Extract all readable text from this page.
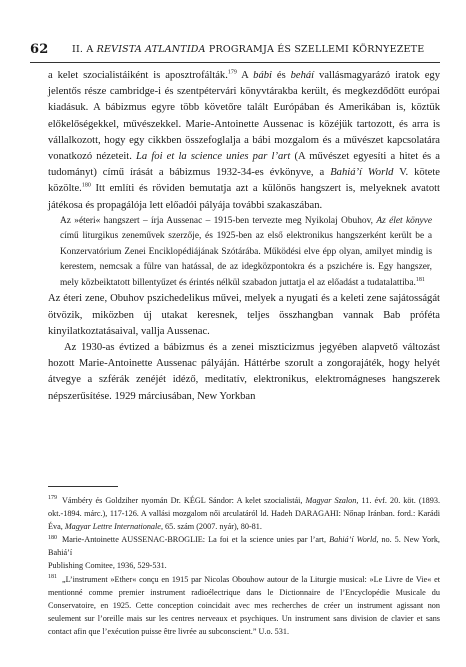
62 II. A REVISTA ATLANTIDA PROGRAMJA ÉS SZELLEMI KÖRNYEZETE

a kelet szocialistáiként is aposztrofálták.$^{179}$ A bábi és beháí vallásmagyarázó iratok egy jelentős része cambridge-i és szentpétervári könyvtárakba került, és megkezdődött európai kiadásuk. A bábizmus egyre több követőre talált Európában és Amerikában is, köztük előkelőségekkel, művészekkel. Marie-Antoinette Aussenac is közéjük tartozott, és arra is vállalkozott, hogy egy cikkben összefoglalja a bábi mozgalom és a művészet kapcsolatára vonatkozó nézeteit. La foi et la science unies par l’art (A művészet egyesíti a hitet és a tudományt) című írását a bábizmus 1932-34-es évkönyve, a Bahiá’í World V. kötete közölte.$^{180}$ Itt említi és röviden bemutatja azt a különös hangszert is, melyeknek avatott játékosa és propagálója lett előadói pályája további szakaszában.

Az »éteri« hangszert – írja Aussenac – 1915-ben tervezte meg Nyikolaj Obuhov, Az élet könyve című liturgikus zeneművek szerzője, és 1925-ben az első elektronikus hangszerként került be a Konzervatórium Zenei Enciklopédiájának Szótárába. Működési elve épp olyan, amilyet mindig is kerestem, nemcsak a fülre van hatással, de az idegközpontokra és a pszichére is. Egy hangszer, mely közbeiktatott billentyűzet és érintés nélkül szabadon juttatja el az előadást a tudatalattiba.$^{181}$

Az éteri zene, Obuhov pszichedelikus művei, melyek a nyugati és a keleti zene sajátosságát ötvözik, miközben új utakat keresnek, teljes összhangban vannak Bab próféta kinyilatkoztatásaival, vallja Aussenac.

Az 1930-as évtized a bábizmus és a zenei miszticizmus jegyében alapvető változást hozott Marie-Antoinette Aussenac pályáján. Háttérbe szorult a zongorajáték, hogy helyét átvegye a szférák zenéjét idéző, meditatív, elektronikus, elektromágneses hangszerek népszerűsítése. 1929 márciusában, New Yorkban

$^{179}$ Vámbéry és Goldziher nyomán Dr. KÉGL Sándor: A kelet szocialistái, Magyar Szalon, 11. évf. 20. köt. (1893. okt.-1894. márc.), 117-126. A vallási mozgalom női arculatáról ld. Hadeh DARAGAHI: Nőnap Iránban. ford.: Karádi Éva, Magyar Lettre Internationale, 65. szám (2007. nyár), 80-81.

$^{180}$ Marie-Antoinette AUSSENAC-BROGLIE: La foi et la science unies par l’art, Bahiá’í World, no. 5. New York, Bahiá’í

Publishing Comitee, 1936, 529-531.

$^{181}$ „L’instrument »Ether« conçu en 1915 par Nicolas Obouhow autour de la Liturgie musical: »Le Livre de Vie« et mentionné comme premier instrument radioélectrique dans le Dictionnaire de l’Encyclopédie Musicale du Conservatoire, en 1925. Cette conception coincidait avec mes recherches de créer un instrument agissant non seulement sur l’oreille mais sur les centres nerveaux et psychiques. Un instrument sans division de clavier et sans contact afin que l’exécution puisse être livrée au subconscient.” U.o. 531.
